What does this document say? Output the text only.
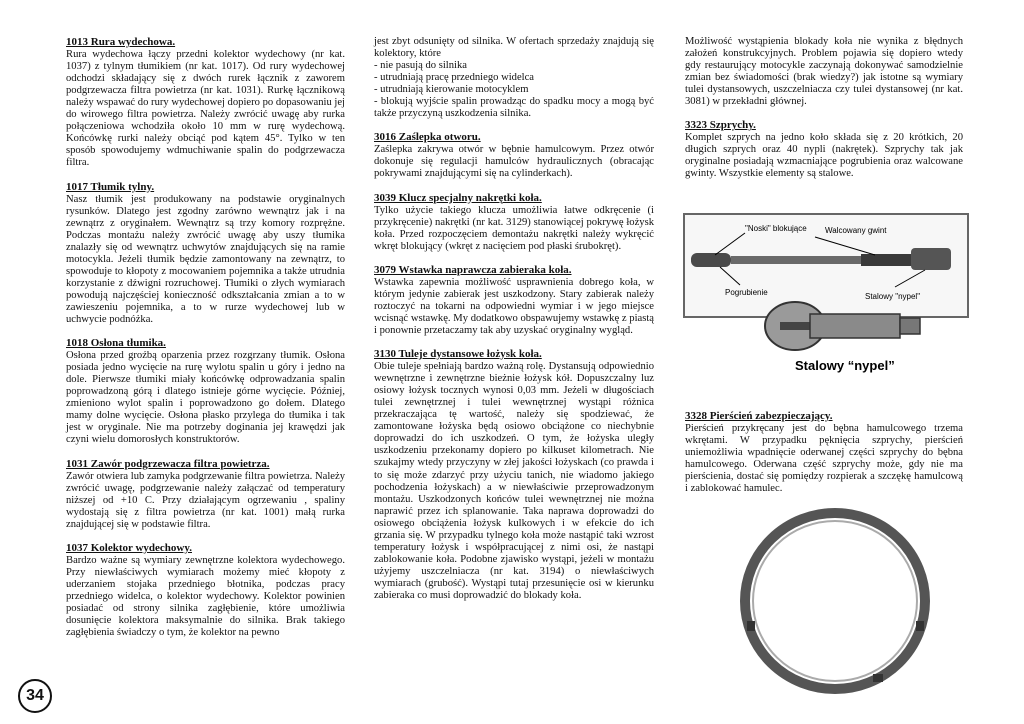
1013 Rura wydechowa.

Rura wydechowa łączy przedni kolektor wydechowy (nr kat. 1037) z tylnym tłumikiem (nr kat. 1017). Od rury wydechowej odchodzi składający się z dwóch rurek łącznik z zaworem podgrzewacza filtra powietrza (nr kat. 1031). Rurkę łącznikową należy wspawać do rury wydechowej dopiero po dopasowaniu jej do wirowego filtra powietrza. Należy zwrócić uwagę aby rurka połączeniowa wchodziła około 10 mm w rurę wydechową. Końcówkę rurki należy obciąć pod kątem 45°. Tylko w ten sposób spowodujemy wdmuchiwanie spalin do podgrzewacza filtra.

1017 Tłumik tylny.

Nasz tłumik jest produkowany na podstawie oryginalnych rysunków. Dlatego jest zgodny zarówno wewnątrz jak i na zewnątrz z oryginałem. Wewnątrz są trzy komory rozprężne. Podczas montażu należy zwrócić uwagę aby uszy tłumika znalazły się od wewnątrz uchwytów znajdujących się na ramie motocykla. Jeżeli tłumik będzie zamontowany na zewnątrz, to spowoduje to kłopoty z mocowaniem pojemnika a także utrudnia korzystanie z dźwigni rozruchowej. Tłumiki o złych wymiarach powodują najczęściej konieczność odkształcania zmian a to w zawieszeniu pojemnika, a to w rurze wydechowej lub w uchwycie podnóżka.

1018 Osłona tłumika.

Osłona przed groźbą oparzenia przez rozgrzany tłumik. Osłona posiada jedno wycięcie na rurę wylotu spalin u góry i jedno na dole. Pierwsze tłumiki miały końcówkę odprowadzania spalin poprowadzoną górą i dlatego istnieje górne wycięcie. Później, zmieniono wylot spalin i poprowadzono go dołem. Dlatego mamy dolne wycięcie. Osłona płasko przylega do tłumika i tak jest w oryginale. Nie ma potrzeby doginania jej krawędzi jak czyni wielu domorosłych konstruktorów.

1031 Zawór podgrzewacza filtra powietrza.

Zawór otwiera lub zamyka podgrzewanie filtra powietrza. Należy zwrócić uwagę, podgrzewanie należy załączać od temperatury niższej od +10 C. Przy działającym ogrzewaniu , spaliny wydostają się z filtra powietrza (nr kat. 1001) małą rurka znajdującej się w podstawie filtra.

1037 Kolektor wydechowy.

Bardzo ważne są wymiary zewnętrzne kolektora wydechowego. Przy niewłaściwych wymiarach możemy mieć kłopoty z uderzaniem stojaka przedniego błotnika, podczas pracy przedniego widelca, o kolektor wydechowy. Kolektor powinien posiadać od strony silnika zagłębienie, które umożliwia dosunięcie kolektora maksymalnie do silnika. Brak takiego zagłębienia świadczy o tym, że kolektor na pewno

jest zbyt odsunięty od silnika. W ofertach sprzedaży znajdują się kolektory, które

- nie pasują do silnika

- utrudniają pracę przedniego widelca

- utrudniają kierowanie motocyklem

- blokują wyjście spalin prowadząc do spadku mocy a mogą być także przyczyną uszkodzenia silnika.

3016 Zaślepka otworu.

Zaślepka zakrywa otwór w bębnie hamulcowym. Przez otwór dokonuje się regulacji hamulców hydraulicznych (obracając pokrywami znajdującymi się na cylinderkach).

3039 Klucz specjalny nakrętki koła.

Tylko użycie takiego klucza umożliwia łatwe odkręcenie (i przykręcenie) nakrętki (nr kat. 3129) stanowiącej pokrywę łożysk koła. Przed rozpoczęciem demontażu nakrętki należy wykręcić wkręt blokujący (wkręt z nacięciem pod płaski śrubokręt).

3079 Wstawka naprawcza zabieraka koła.

Wstawka zapewnia możliwość usprawnienia dobrego koła, w którym jedynie zabierak jest uszkodzony. Stary zabierak należy roztoczyć na tokarni na odpowiedni wymiar i w jego miejsce wcisnąć wstawkę. My dodatkowo obspawujemy wstawkę z piastą i ponownie przetaczamy tak aby uzyskać oryginalny wygląd.

3130 Tuleje dystansowe łożysk koła.

Obie tuleje spełniają bardzo ważną rolę. Dystansują odpowiednio wewnętrzne i zewnętrzne bieżnie łożysk kół. Dopuszczalny luz osiowy łożysk tocznych wynosi 0,03 mm. Jeżeli w długościach tulei zewnętrznej i tulei wewnętrznej wystąpi różnica przekraczająca tę wartość, należy się spodziewać, że zamontowane łożyska będą osiowo obciążone co niechybnie doprowadzi do ich uszkodzeń. O tym, że łożyska uległy uszkodzeniu przekonamy dopiero po kilkuset kilometrach. Nie szukajmy wtedy przyczyny w złej jakości łożyskach (co prawda i to się może zdarzyć przy użyciu tanich, nie wiadomo jakiego pochodzenia łożyskach) a w niewłaściwie przeprowadzonym montażu. Uszkodzonych końców tulei wewnętrznej nie można naprawić przez ich splanowanie. Taka naprawa doprowadzi do osiowego obciążenia łożysk kulkowych i w efekcie do ich grzania się. W przypadku tylnego koła może nastąpić taki wzrost temperatury łożysk i współpracującej z nimi osi, że nastąpi zablokowanie koła. Podobne zjawisko wystąpi, jeżeli w montażu użyjemy uszczelniacza (nr kat. 3194) o niewłaściwych wymiarach (grubość). Wystąpi tutaj przesunięcie osi w kierunku zabieraka co musi doprowadzić do blokady koła.

Możliwość wystąpienia blokady koła nie wynika z błędnych założeń konstrukcyjnych. Problem pojawia się dopiero wtedy gdy restaurujący motocykle zaczynają dokonywać samodzielnie zmian bez świadomości (brak wiedzy?) jak istotne są wymiary tulei dystansowych, uszczelniacza czy tulei dystansowej (nr kat. 3081) w przekładni głównej.

3323 Szprychy.

Komplet szprych na jedno koło składa się z 20 krótkich, 20 długich szprych oraz 40 nypli (nakrętek). Szprychy tak jak oryginalne posiadają wzmacniające pogrubienia oraz walcowane gwinty. Wszystkie elementy są stalowe.

3328 Pierścień zabezpieczający.

Pierścień przykręcany jest do bębna hamulcowego trzema wkrętami. W przypadku pęknięcia szprychy, pierścień uniemożliwia wpadnięcie oderwanej części szprychy do bębna hamulcowego. Oderwana część szprychy może, gdy nie ma pierścienia, dostać się pomiędzy rozpierak a szczękę hamulcową i zablokować hamulec.

"Noski" blokujące Walcowany gwint
Pogrubienie	Stalowy "nypel"
Stalowy “nypel”
34
